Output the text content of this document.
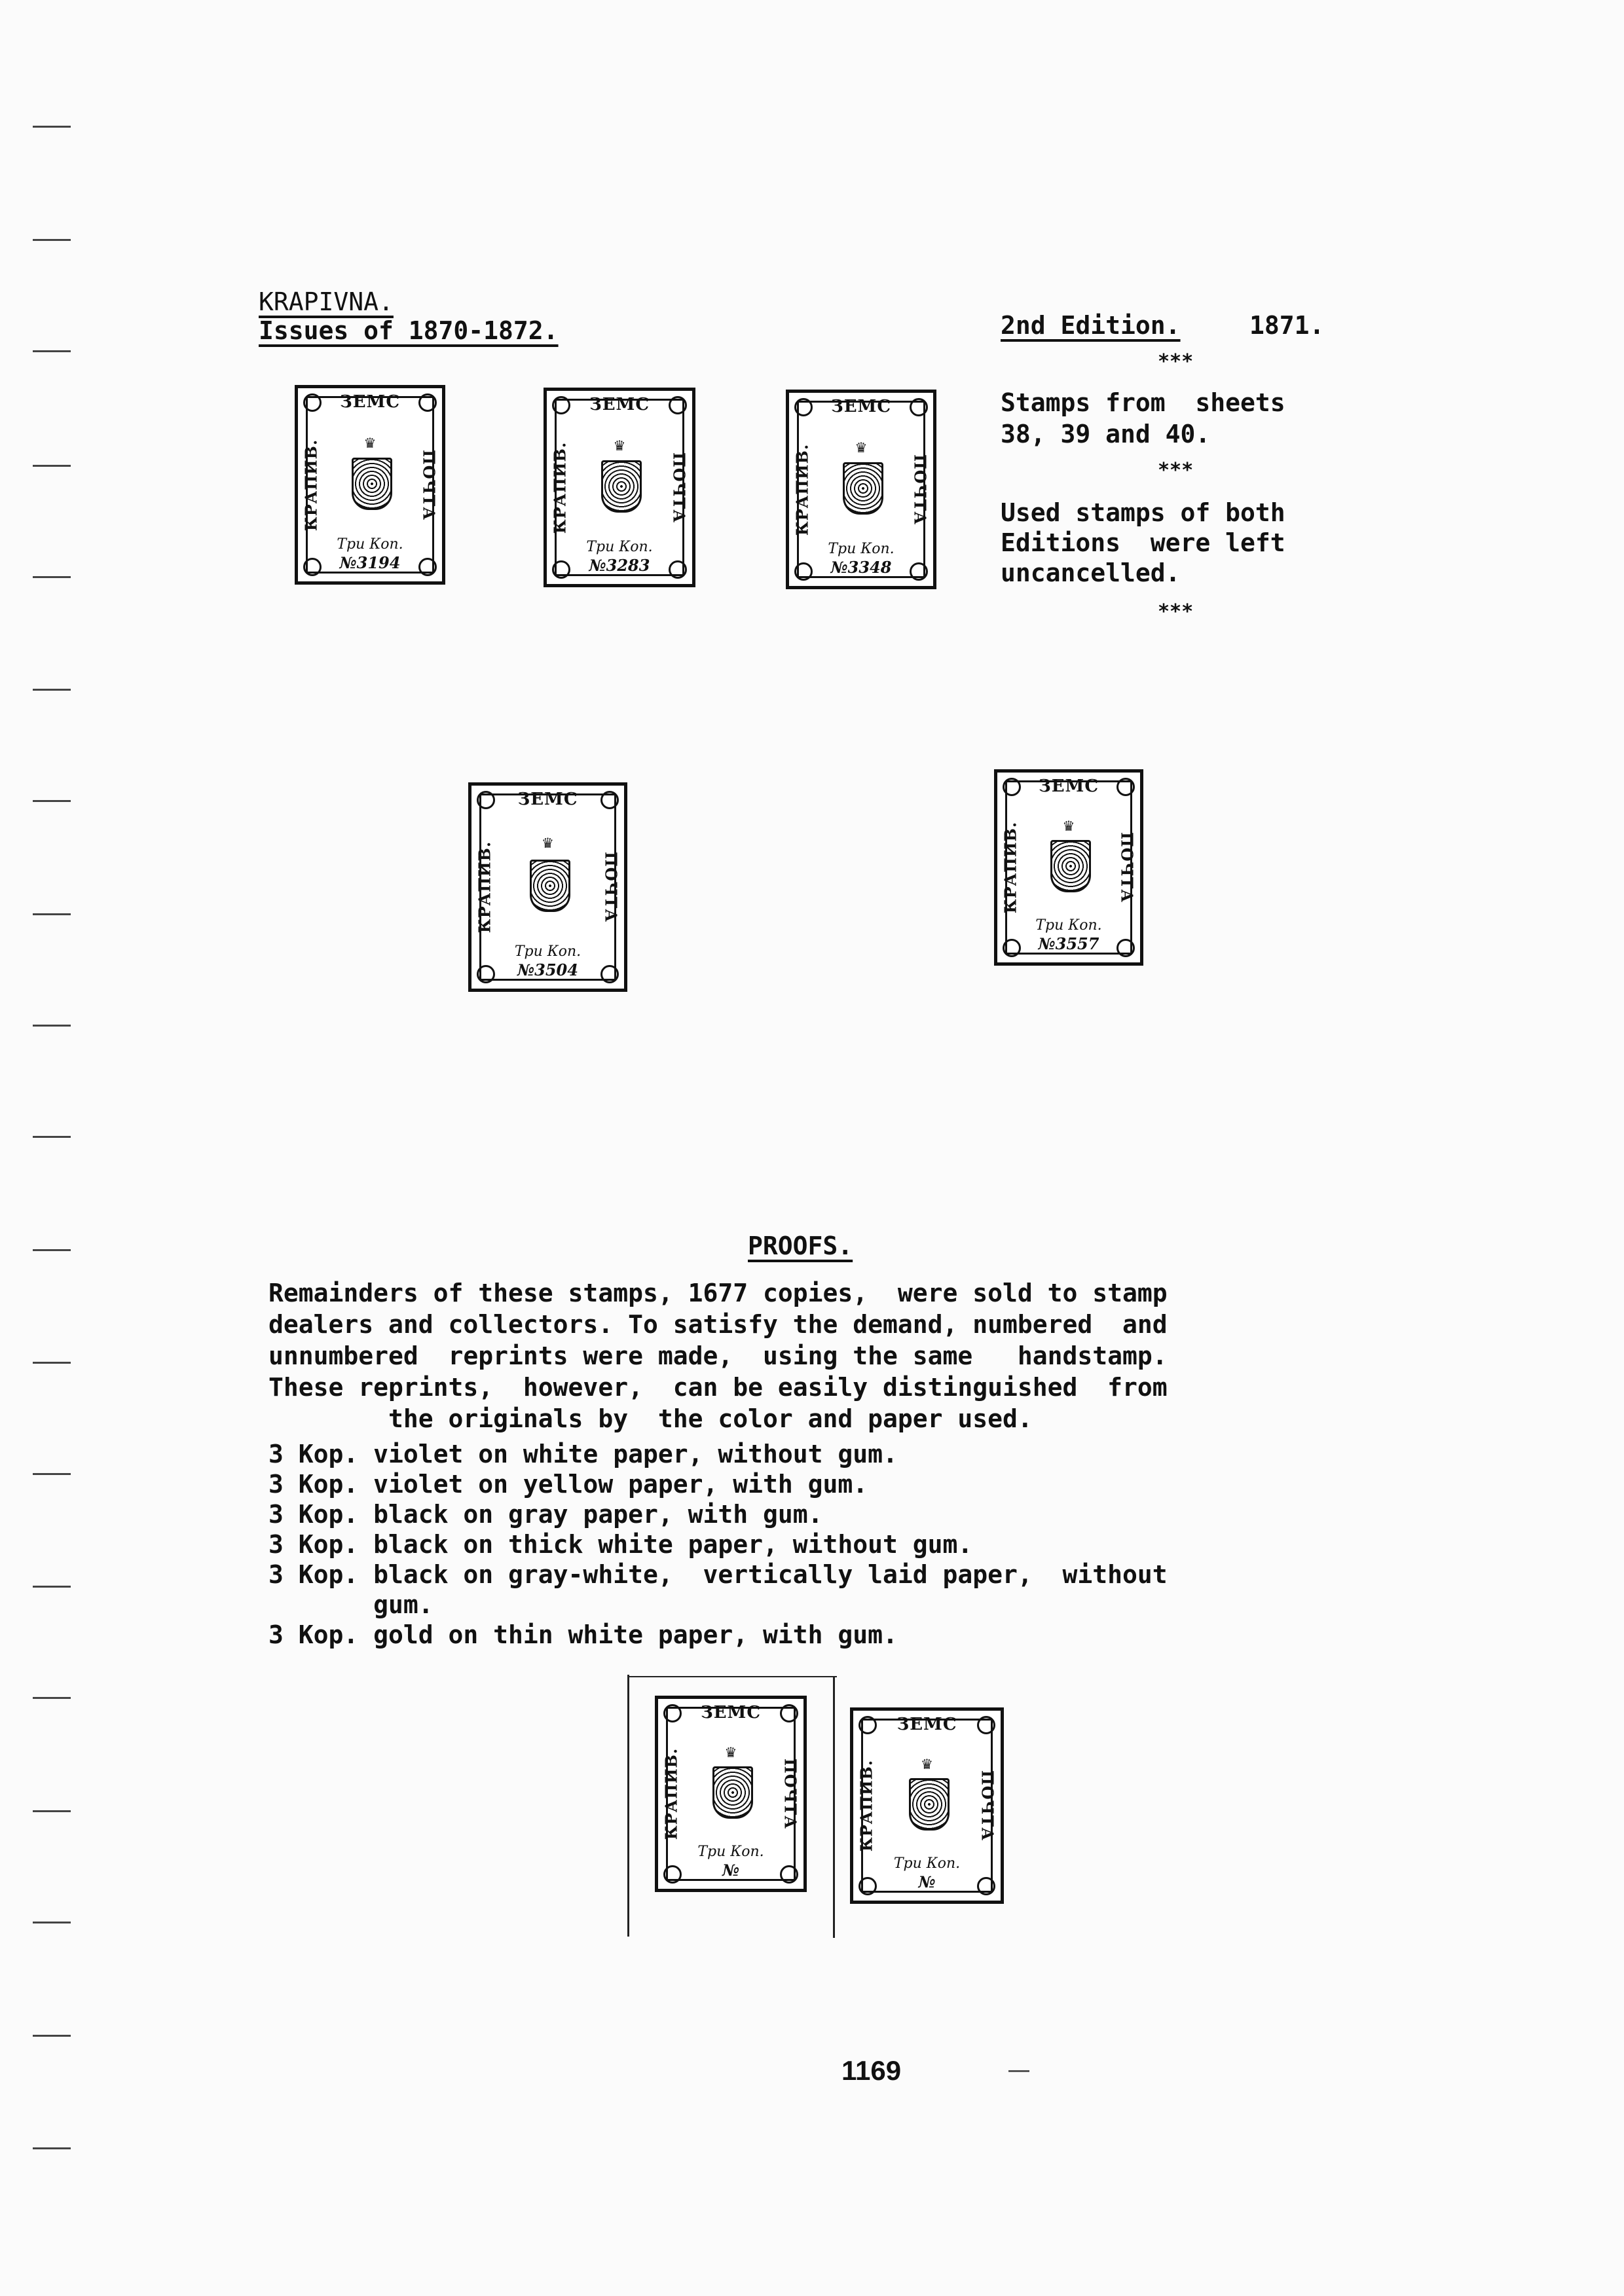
KRAPIVNA.
Issues of 1870-1872.	2nd Edition.	1871.
***
Stamps from  sheets
38, 39 and 40.
***
Used stamps of both
Editions  were left
uncancelled.
***
ЗЕМС
КРАПИВ.	ПОЧТА
♛
Три Коп.
№3194
ЗЕМС
КРАПИВ.	ПОЧТА
♛
Три Коп.
№3283
ЗЕМС
КРАПИВ.	ПОЧТА
♛
Три Коп.
№3348
ЗЕМС
КРАПИВ.	ПОЧТА
♛
Три Коп.
№3504
ЗЕМС
КРАПИВ.	ПОЧТА
♛
Три Коп.
№3557
PROOFS.
Remainders of these stamps, 1677 copies,  were sold to stamp
dealers and collectors. To satisfy the demand, numbered  and
unnumbered  reprints were made,  using the same   handstamp.
These reprints,  however,  can be easily distinguished  from
the originals by  the color and paper used.
3 Kop. violet on white paper, without gum.
3 Kop. violet on yellow paper, with gum.
3 Kop. black on gray paper, with gum.
3 Kop. black on thick white paper, without gum.
3 Kop. black on gray-white,  vertically laid paper,  without
gum.
3 Kop. gold on thin white paper, with gum.
ЗЕМС
КРАПИВ.	ПОЧТА
♛
Три Коп.
№
ЗЕМС
КРАПИВ.	ПОЧТА
♛
Три Коп.
№
1169
